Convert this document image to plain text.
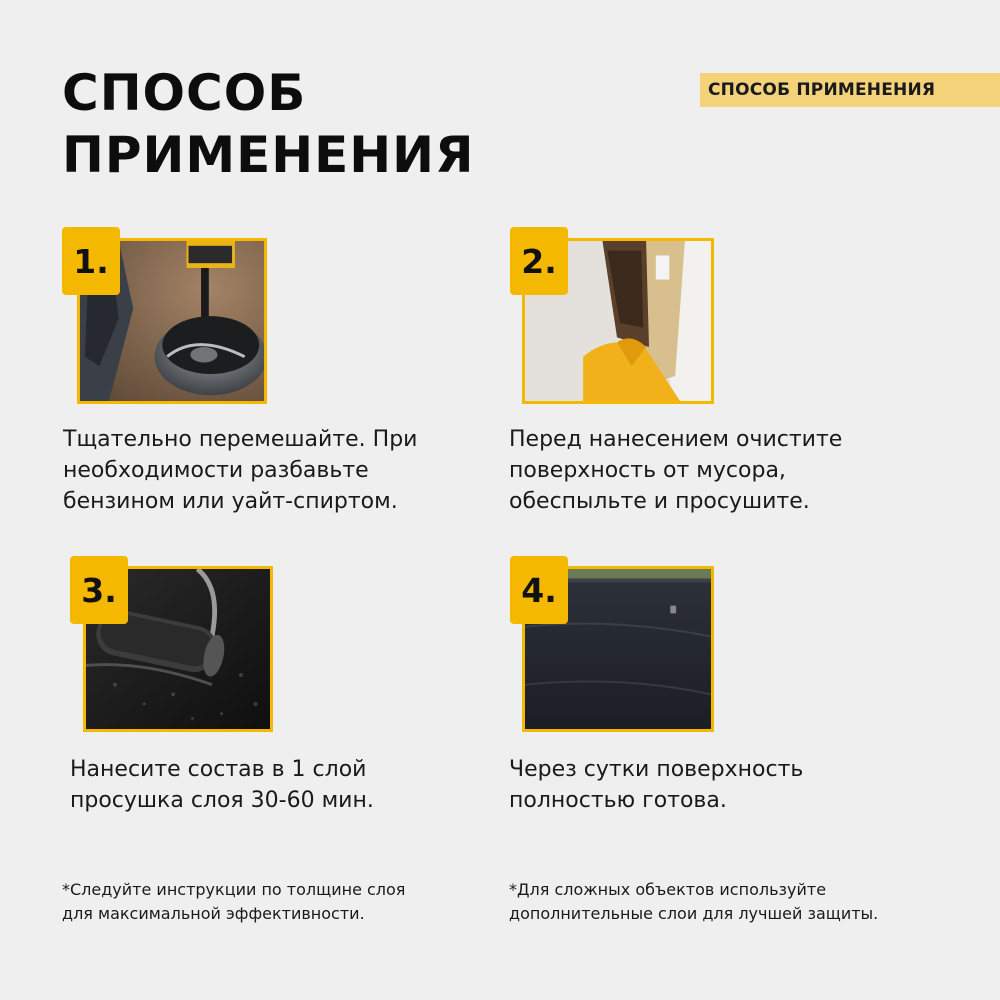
СПОСОБ
ПРИМЕНЕНИЯ
СПОСОБ ПРИМЕНЕНИЯ
1.
Тщательно перемешайте. При
необходимости разбавьте
бензином или уайт-спиртом.
2.
Перед нанесением очистите
поверхность от мусора,
обеспыльте и просушите.
3.
Нанесите состав в 1 слой
просушка слоя 30-60 мин.
4.
Через сутки поверхность
полностью готова.
*Следуйте инструкции по толщине слоя
для максимальной эффективности.
*Для сложных объектов используйте
дополнительные слои для лучшей защиты.
